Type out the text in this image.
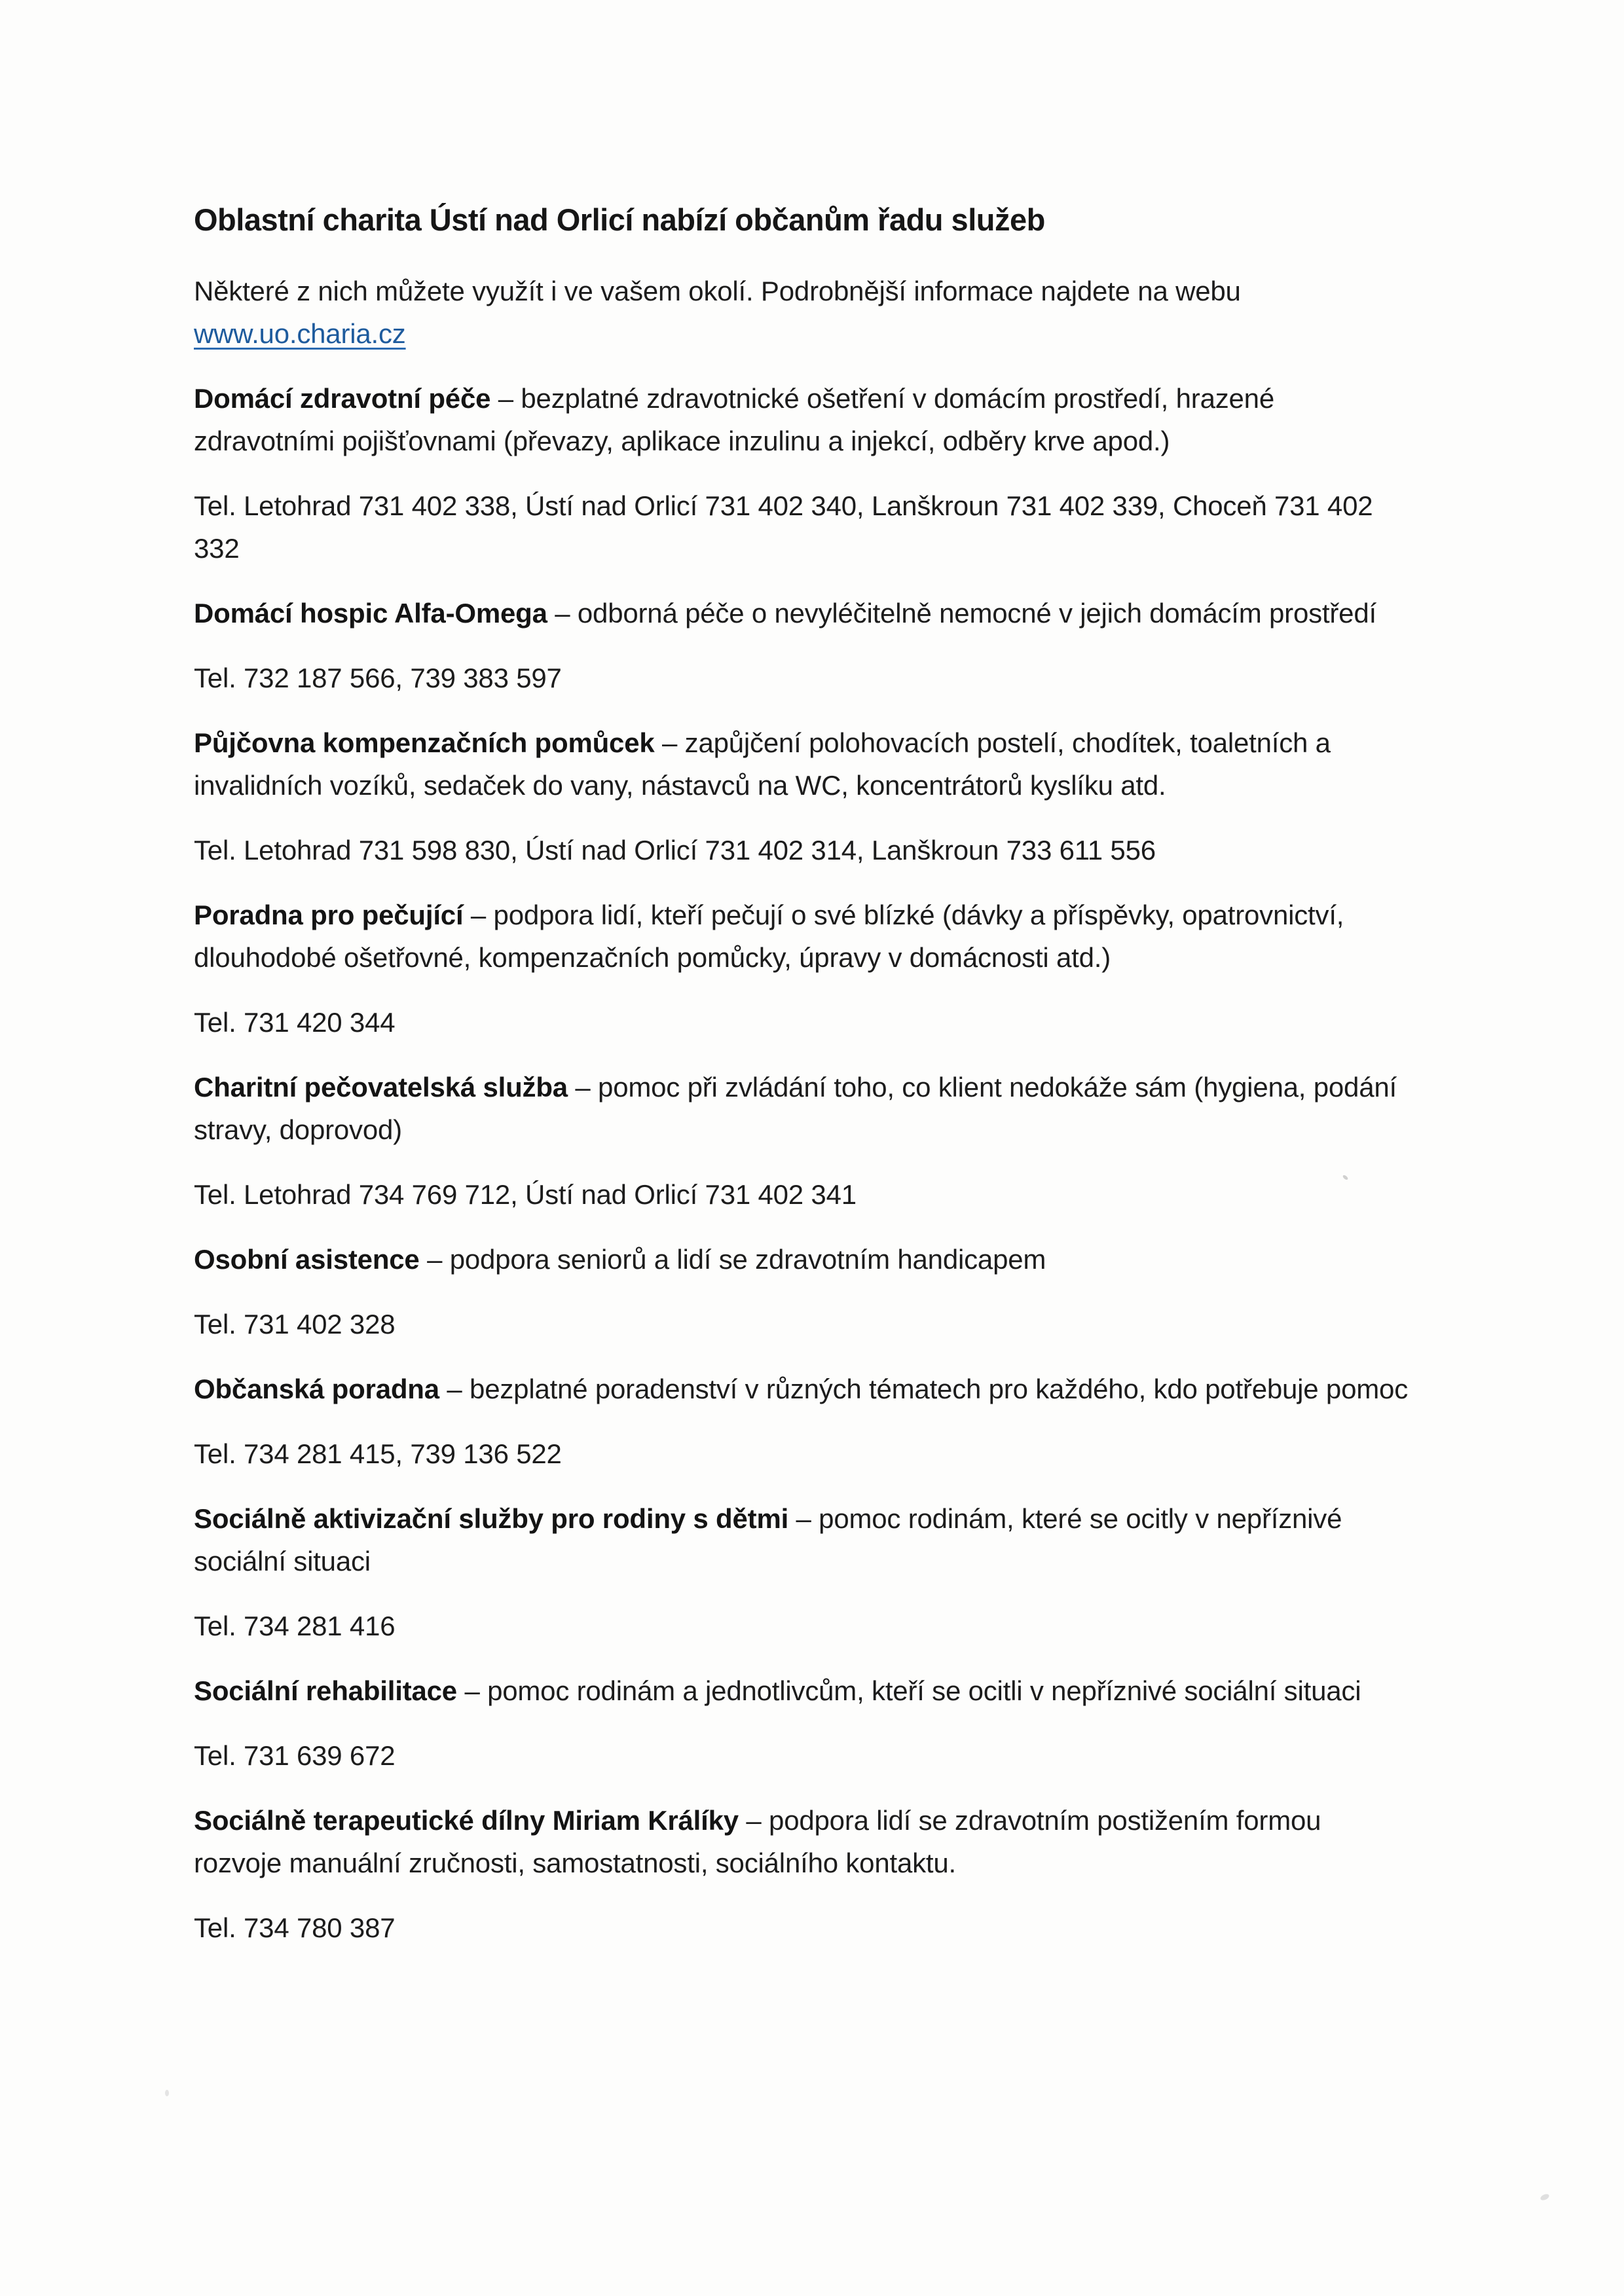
Oblastní charita Ústí nad Orlicí nabízí občanům řadu služeb

Některé z nich můžete využít i ve vašem okolí. Podrobnější informace najdete na webu www.uo.charia.cz

Domácí zdravotní péče – bezplatné zdravotnické ošetření v domácím prostředí, hrazené zdravotními pojišťovnami (převazy, aplikace inzulinu a injekcí, odběry krve apod.)

Tel. Letohrad 731 402 338, Ústí nad Orlicí 731 402 340, Lanškroun 731 402 339, Choceň 731 402 332

Domácí hospic Alfa-Omega – odborná péče o nevyléčitelně nemocné v jejich domácím prostředí

Tel. 732 187 566, 739 383 597

Půjčovna kompenzačních pomůcek – zapůjčení polohovacích postelí, chodítek, toaletních a invalidních vozíků, sedaček do vany, nástavců na WC, koncentrátorů kyslíku atd.

Tel. Letohrad 731 598 830, Ústí nad Orlicí 731 402 314, Lanškroun 733 611 556

Poradna pro pečující – podpora lidí, kteří pečují o své blízké (dávky a příspěvky, opatrovnictví, dlouhodobé ošetřovné, kompenzačních pomůcky, úpravy v domácnosti atd.)

Tel. 731 420 344

Charitní pečovatelská služba – pomoc při zvládání toho, co klient nedokáže sám (hygiena, podání stravy, doprovod)

Tel. Letohrad 734 769 712, Ústí nad Orlicí 731 402 341

Osobní asistence – podpora seniorů a lidí se zdravotním handicapem

Tel. 731 402 328

Občanská poradna – bezplatné poradenství v různých tématech pro každého, kdo potřebuje pomoc

Tel. 734 281 415, 739 136 522

Sociálně aktivizační služby pro rodiny s dětmi – pomoc rodinám, které se ocitly v nepříznivé sociální situaci

Tel. 734 281 416

Sociální rehabilitace – pomoc rodinám a jednotlivcům, kteří se ocitli v nepříznivé sociální situaci

Tel. 731 639 672

Sociálně terapeutické dílny Miriam Králíky – podpora lidí se zdravotním postižením formou rozvoje manuální zručnosti, samostatnosti, sociálního kontaktu.

Tel. 734 780 387
